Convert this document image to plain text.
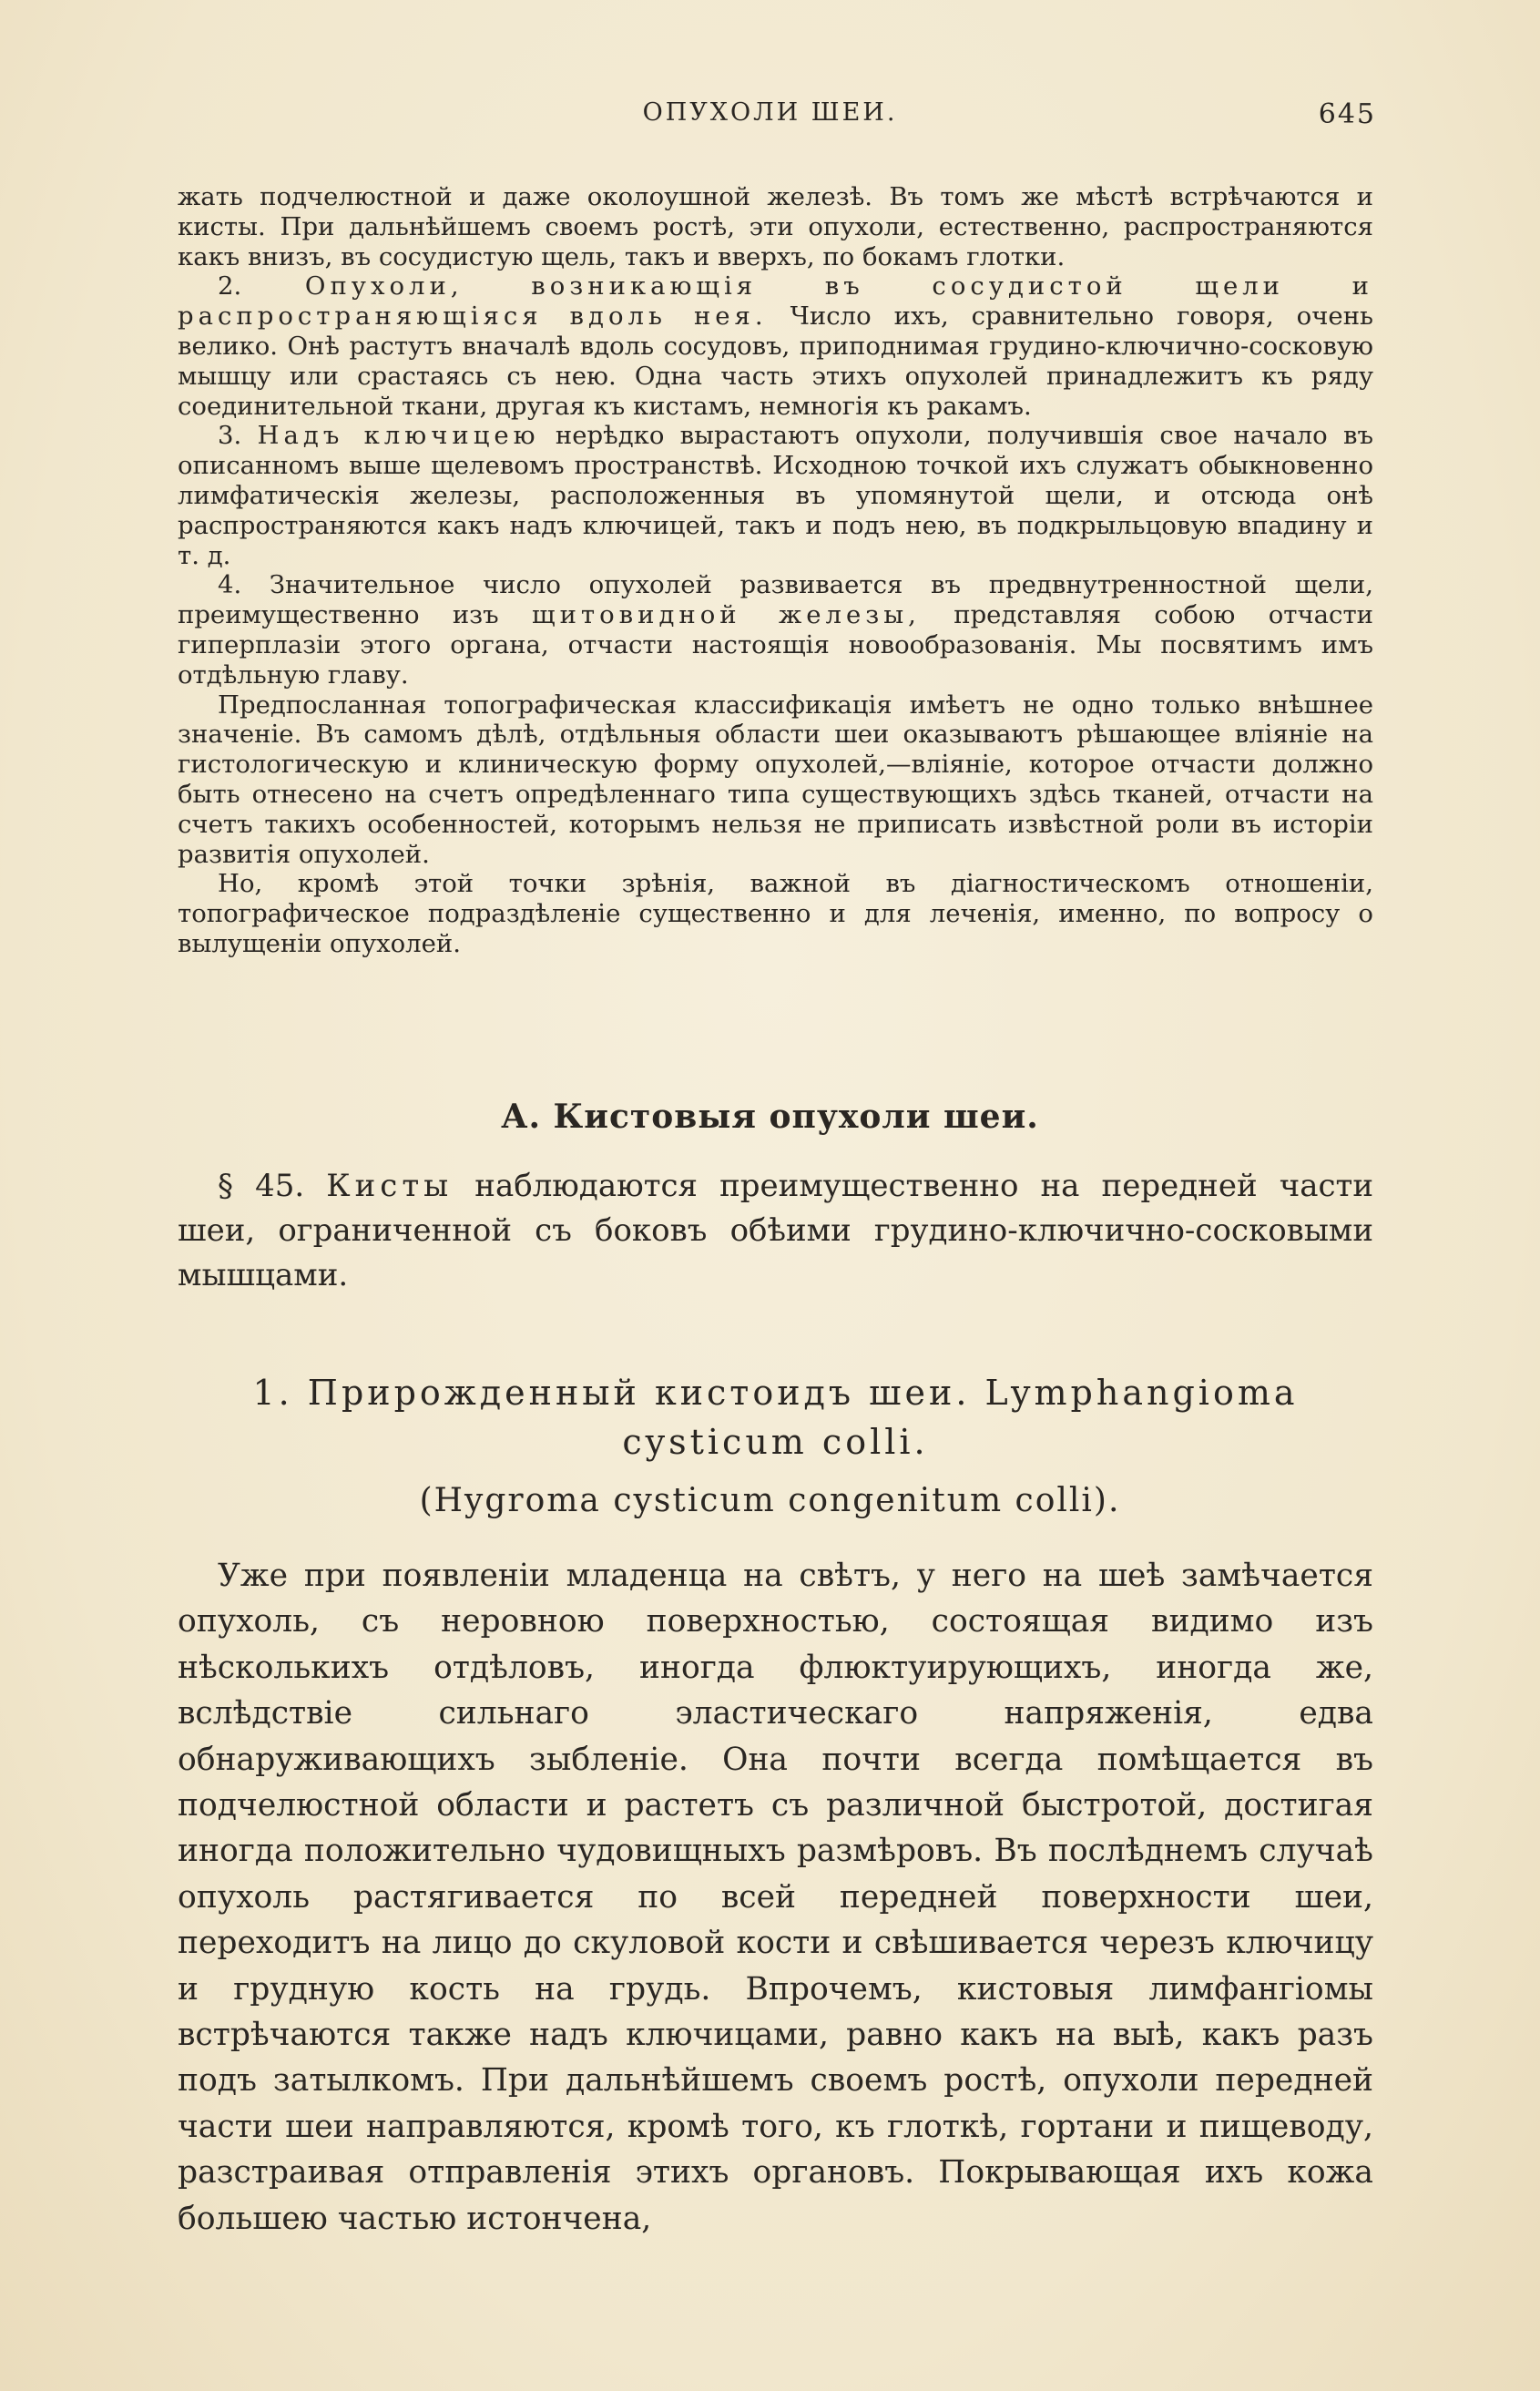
ОПУХОЛИ ШЕИ.	645

жать подчелюстной и даже околоушной железѣ. Въ томъ же мѣстѣ встрѣчаются и кисты. При дальнѣйшемъ своемъ ростѣ, эти опухоли, естественно, распространяются какъ внизъ, въ сосудистую щель, такъ и вверхъ, по бокамъ глотки.

2.	Опухоли, возникающія въ сосудистой щели и распространяющіяся вдоль нея. Число ихъ, сравнительно говоря, очень велико. Онѣ растутъ вначалѣ вдоль сосудовъ, приподнимая грудино-ключично-сосковую мышцу или срастаясь съ нею. Одна часть этихъ опухолей принадлежитъ къ ряду соединительной ткани, другая къ кистамъ, немногія къ ракамъ.

3. Надъ ключицею нерѣдко вырастаютъ опухоли, получившія свое начало въ описанномъ выше щелевомъ пространствѣ. Исходною точкой ихъ служатъ обыкновенно лимфатическія железы, расположенныя въ упомянутой щели, и отсюда онѣ распространяются какъ надъ ключицей, такъ и подъ нею, въ подкрыльцовую впадину и т. д.

4. Значительное число опухолей развивается въ предвнутренностной щели, преимущественно изъ щитовидной железы, представляя собою отчасти гиперплазіи этого органа, отчасти настоящія новообразованія. Мы посвятимъ имъ отдѣльную главу.

Предпосланная топографическая классификація имѣетъ не одно только внѣшнее значеніе. Въ самомъ дѣлѣ, отдѣльныя области шеи оказываютъ рѣшающее вліяніе на гистологическую и клиническую форму опухолей,—вліяніе, которое отчасти должно быть отнесено на счетъ опредѣленнаго типа существующихъ здѣсь тканей, отчасти на счетъ такихъ особенностей, которымъ нельзя не приписать извѣстной роли въ исторіи развитія опухолей.

Но, кромѣ этой точки зрѣнія, важной въ діагностическомъ отношеніи, топографическое подраздѣленіе существенно и для леченія, именно, по вопросу о вылущеніи опухолей.

А. Кистовыя опухоли шеи.

§ 45. Кисты наблюдаются преимущественно на передней части шеи, ограниченной съ боковъ обѣими грудино-ключично-сосковыми мышцами.

1. Прирожденный кистоидъ шеи. Lymphangioma cysticum colli.
(Hygroma cysticum congenitum colli).

Уже при появленіи младенца на свѣтъ, у него на шеѣ замѣчается опухоль, съ неровною поверхностью, состоящая видимо изъ нѣсколькихъ отдѣловъ, иногда флюктуирующихъ, иногда же, вслѣдствіе сильнаго эластическаго напряженія, едва обнаруживающихъ зыбленіе. Она почти всегда помѣщается въ подчелюстной области и растетъ съ различной быстротой, достигая иногда положительно чудовищныхъ размѣровъ. Въ послѣднемъ случаѣ опухоль растягивается по всей передней поверхности шеи, переходитъ на лицо до скуловой кости и свѣшивается черезъ ключицу и грудную кость на грудь. Впрочемъ, кистовыя лимфангіомы встрѣчаются также надъ ключицами, равно какъ на выѣ, какъ разъ подъ затылкомъ. При дальнѣйшемъ своемъ ростѣ, опухоли передней части шеи направляются, кромѣ того, къ глоткѣ, гортани и пищеводу, разстраивая отправленія этихъ органовъ. Покрывающая ихъ кожа большею частью истончена,
